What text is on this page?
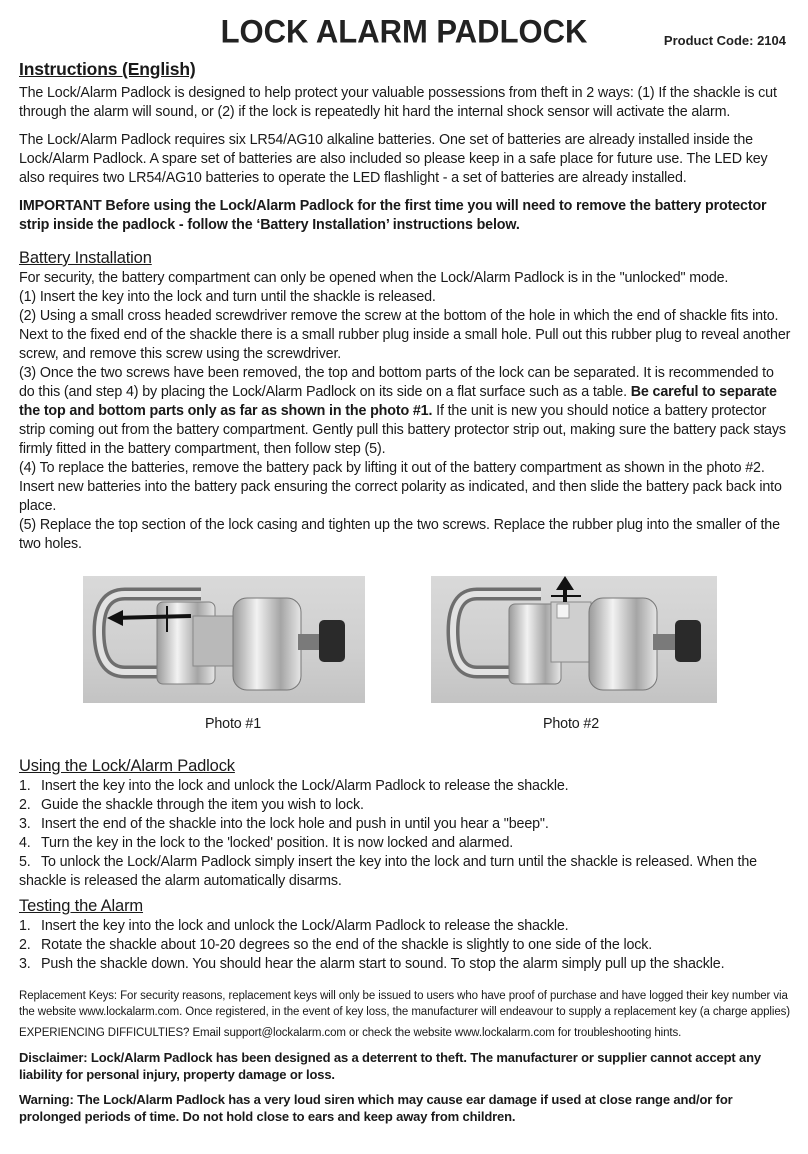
LOCK ALARM PADLOCK	Product Code: 2104
Instructions (English)

The Lock/Alarm Padlock is designed to help protect your valuable possessions from theft in 2 ways: (1) If the shackle is cut through the alarm will sound, or (2) if the lock is repeatedly hit hard the internal shock sensor will activate the alarm.

The Lock/Alarm Padlock requires six LR54/AG10 alkaline batteries. One set of batteries are already installed inside the Lock/Alarm Padlock. A spare set of batteries are also included so please keep in a safe place for future use. The LED key also requires two LR54/AG10 batteries to operate the LED flashlight - a set of batteries are already installed.

IMPORTANT Before using the Lock/Alarm Padlock for the first time you will need to remove the battery protector strip inside the padlock - follow the ‘Battery Installation’ instructions below.

Battery Installation

For security, the battery compartment can only be opened when the Lock/Alarm Padlock is in the "unlocked" mode.

(1) Insert the key into the lock and turn until the shackle is released.

(2) Using a small cross headed screwdriver remove the screw at the bottom of the hole in which the end of shackle fits into. Next to the fixed end of the shackle there is a small rubber plug inside a small hole. Pull out this rubber plug to reveal another screw, and remove this screw using the screwdriver.

(3) Once the two screws have been removed, the top and bottom parts of the lock can be separated. It is recommended to do this (and step 4) by placing the Lock/Alarm Padlock on its side on a flat surface such as a table. Be careful to separate the top and bottom parts only as far as shown in the photo #1. If the unit is new you should notice a battery protector strip coming out from the battery compartment. Gently pull this battery protector strip out, making sure the battery pack stays firmly fitted in the battery compartment, then follow step (5).

(4) To replace the batteries, remove the battery pack by lifting it out of the battery compartment as shown in the photo #2. Insert new batteries into the battery pack ensuring the correct polarity as indicated, and then slide the battery pack back into place.

(5) Replace the top section of the lock casing and tighten up the two screws. Replace the rubber plug into the smaller of the two holes.

Photo #1	Photo #2
Using the Lock/Alarm Padlock
1. Insert the key into the lock and unlock the Lock/Alarm Padlock to release the shackle.
2. Guide the shackle through the item you wish to lock.
3. Insert the end of the shackle into the lock hole and push in until you hear a "beep".
4. Turn the key in the lock to the 'locked' position. It is now locked and alarmed.
5. To unlock the Lock/Alarm Padlock simply insert the key into the lock and turn until the shackle is released. When the shackle is released the alarm automatically disarms.
Testing the Alarm
1. Insert the key into the lock and unlock the Lock/Alarm Padlock to release the shackle.
2. Rotate the shackle about 10-20 degrees so the end of the shackle is slightly to one side of the lock.
3. Push the shackle down. You should hear the alarm start to sound. To stop the alarm simply pull up the shackle.

Replacement Keys: For security reasons, replacement keys will only be issued to users who have proof of purchase and have logged their key number via the website www.lockalarm.com. Once registered, in the event of key loss, the manufacturer will endeavour to supply a replacement key (a charge applies)

EXPERIENCING DIFFICULTIES? Email support@lockalarm.com or check the website www.lockalarm.com for troubleshooting hints.

Disclaimer: Lock/Alarm Padlock has been designed as a deterrent to theft. The manufacturer or supplier cannot accept any liability for personal injury, property damage or loss.

Warning: The Lock/Alarm Padlock has a very loud siren which may cause ear damage if used at close range and/or for prolonged periods of time. Do not hold close to ears and keep away from children.
